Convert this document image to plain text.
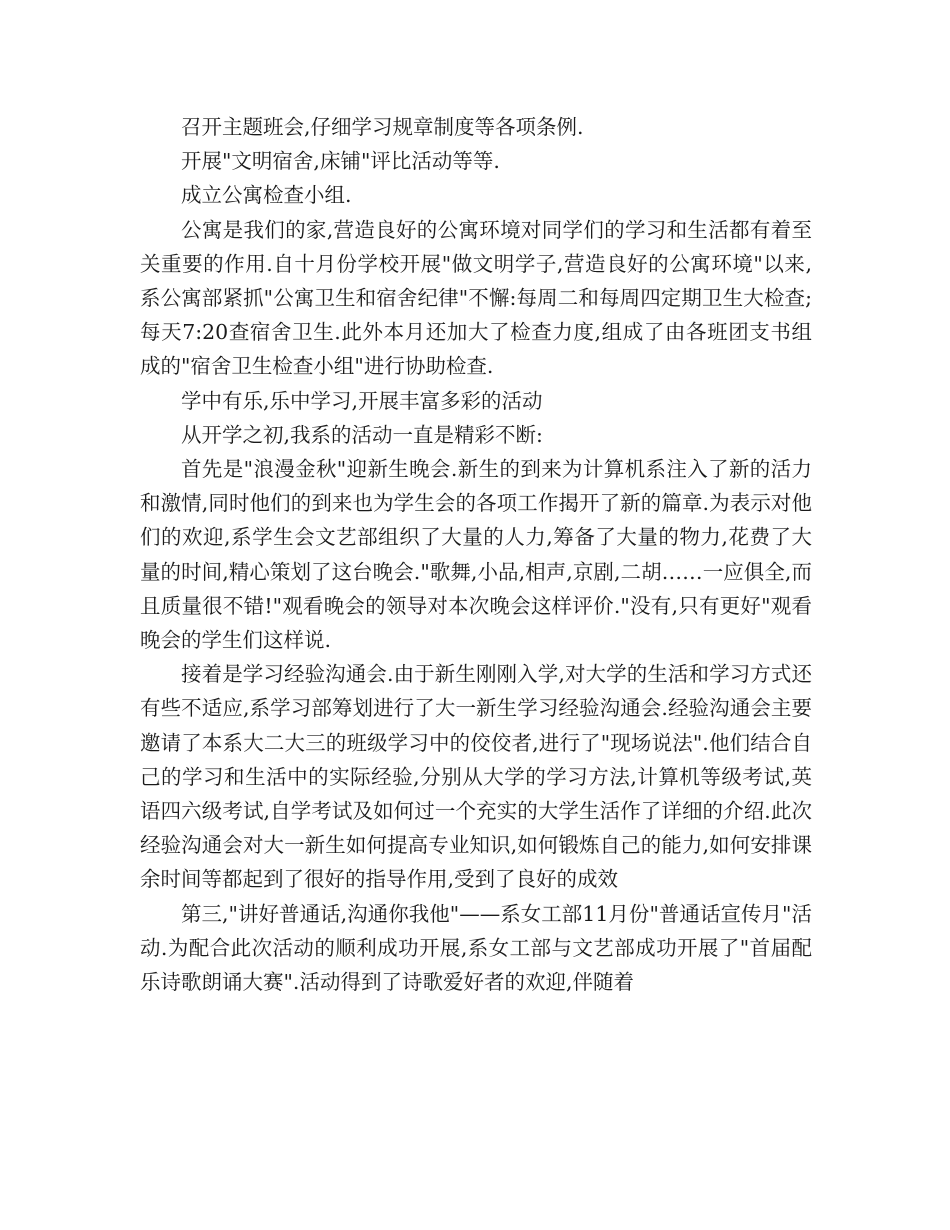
召开主题班会,仔细学习规章制度等各项条例.

开展"文明宿舍,床铺"评比活动等等.

成立公寓检查小组.

公寓是我们的家,营造良好的公寓环境对同学们的学习和生活都有着至关重要的作用.自十月份学校开展"做文明学子,营造良好的公寓环境"以来,系公寓部紧抓"公寓卫生和宿舍纪律"不懈:每周二和每周四定期卫生大检查;每天7:20查宿舍卫生.此外本月还加大了检查力度,组成了由各班团支书组成的"宿舍卫生检查小组"进行协助检查.

学中有乐,乐中学习,开展丰富多彩的活动

从开学之初,我系的活动一直是精彩不断:

首先是"浪漫金秋"迎新生晚会.新生的到来为计算机系注入了新的活力和激情,同时他们的到来也为学生会的各项工作揭开了新的篇章.为表示对他们的欢迎,系学生会文艺部组织了大量的人力,筹备了大量的物力,花费了大量的时间,精心策划了这台晚会."歌舞,小品,相声,京剧,二胡……一应俱全,而且质量很不错!"观看晚会的领导对本次晚会这样评价."没有,只有更好"观看晚会的学生们这样说.

接着是学习经验沟通会.由于新生刚刚入学,对大学的生活和学习方式还有些不适应,系学习部筹划进行了大一新生学习经验沟通会.经验沟通会主要邀请了本系大二大三的班级学习中的佼佼者,进行了"现场说法".他们结合自己的学习和生活中的实际经验,分别从大学的学习方法,计算机等级考试,英语四六级考试,自学考试及如何过一个充实的大学生活作了详细的介绍.此次经验沟通会对大一新生如何提高专业知识,如何锻炼自己的能力,如何安排课余时间等都起到了很好的指导作用,受到了良好的成效

第三,"讲好普通话,沟通你我他"——系女工部11月份"普通话宣传月"活动.为配合此次活动的顺利成功开展,系女工部与文艺部成功开展了"首届配乐诗歌朗诵大赛".活动得到了诗歌爱好者的欢迎,伴随着
